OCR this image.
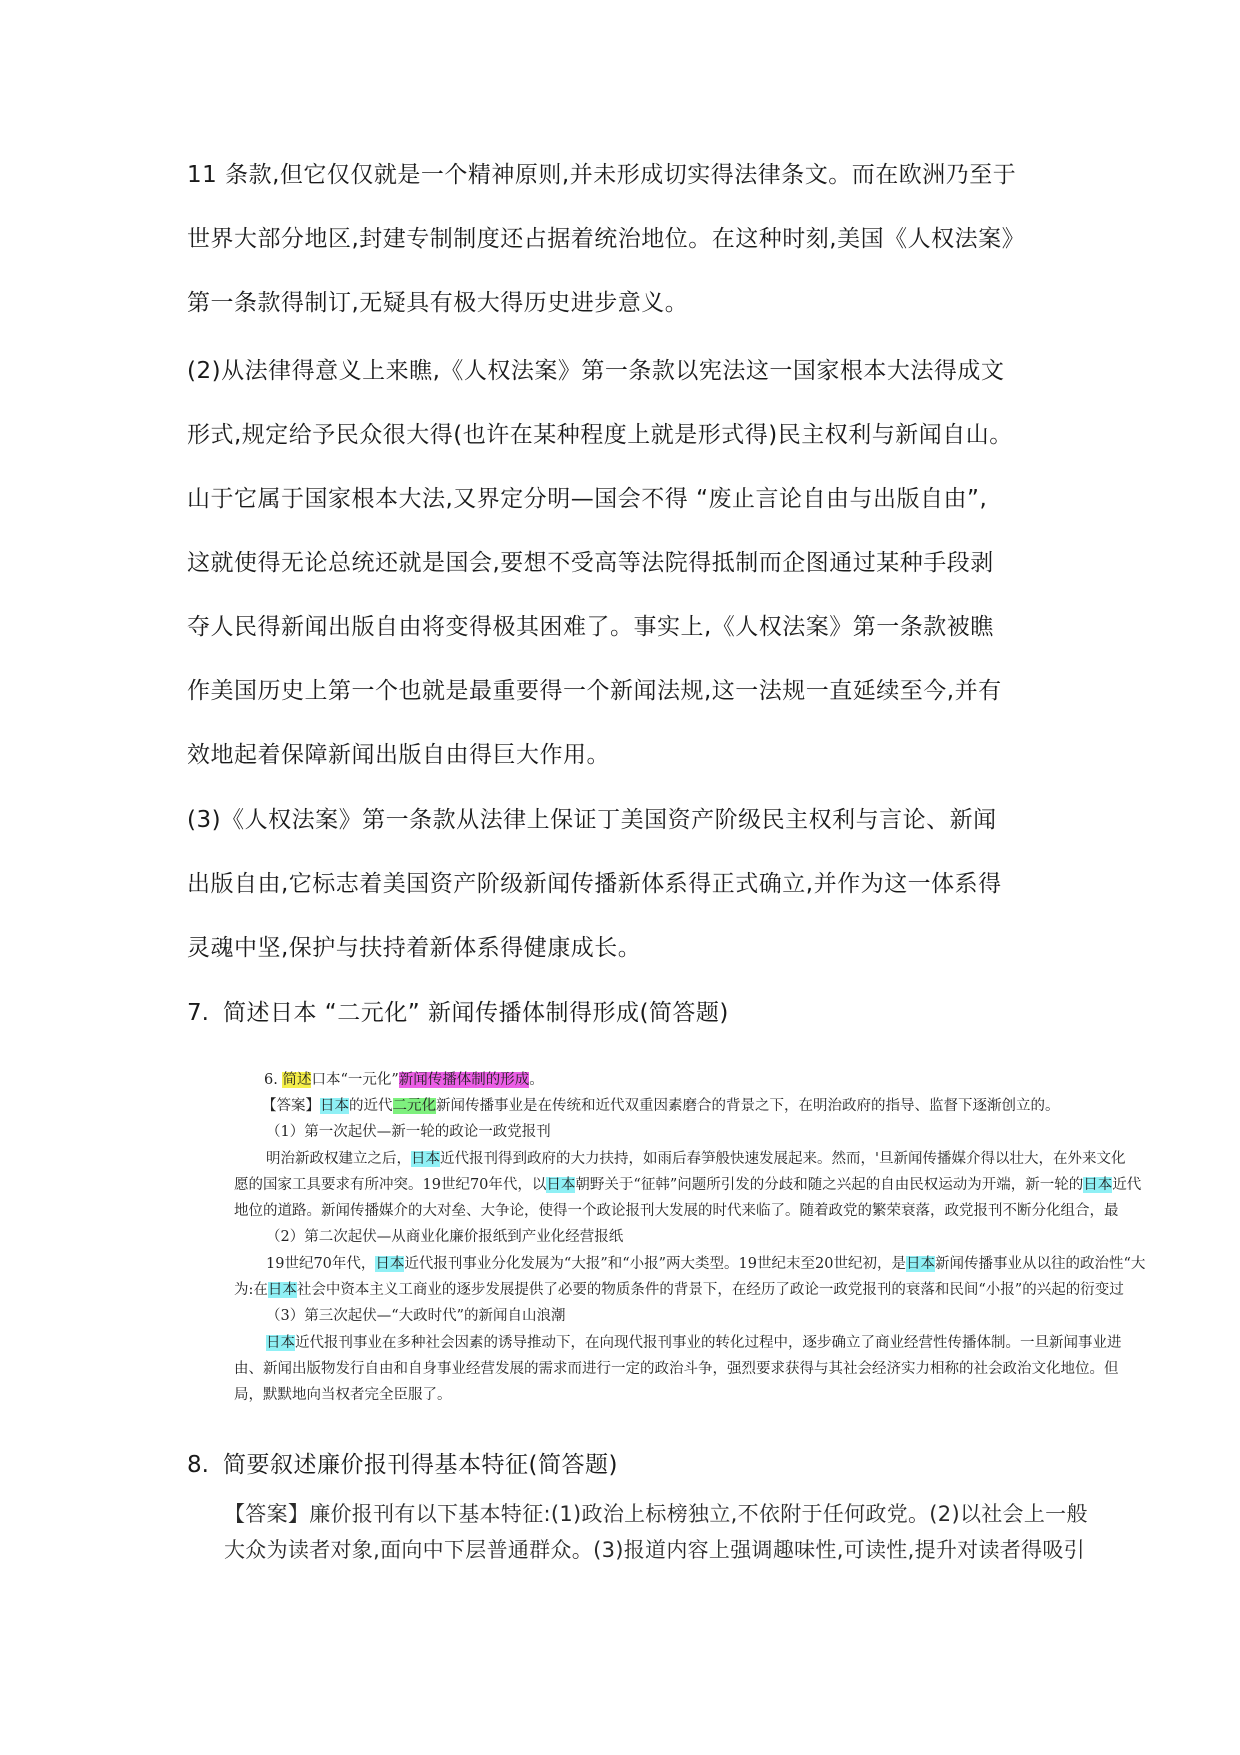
11 条款,但它仅仅就是一个精神原则,并未形成切实得法律条文。而在欧洲乃至于
世界大部分地区,封建专制制度还占据着统治地位。在这种时刻,美国《人权法案》
第一条款得制订,无疑具有极大得历史进步意义。
(2)从法律得意义上来瞧,《人权法案》第一条款以宪法这一国家根本大法得成文
形式,规定给予民众很大得(也许在某种程度上就是形式得)民主权利与新闻自山。
山于它属于国家根本大法,又界定分明—国会不得 “废止言论自由与出版自由”,
这就使得无论总统还就是国会,要想不受高等法院得抵制而企图通过某种手段剥
夺人民得新闻出版自由将变得极其困难了。事实上,《人权法案》第一条款被瞧
作美国历史上第一个也就是最重要得一个新闻法规,这一法规一直延续至今,并有
效地起着保障新闻出版自由得巨大作用。
(3)《人权法案》第一条款从法律上保证丁美国资产阶级民主权利与言论、新闻
出版自由,它标志着美国资产阶级新闻传播新体系得正式确立,并作为这一体系得
灵魂中坚,保护与扶持着新体系得健康成长。
7. 简述日本 “二元化” 新闻传播体制得形成(简答题)
6. 简述口本“一元化”新闻传播体制的形成。
【答案】日本的近代二元化新闻传播事业是在传统和近代双重因素磨合的背景之下，在明治政府的指导、监督下逐渐创立的。
（1）第一次起伏—新一轮的政论一政党报刊
明治新政权建立之后，日本近代报刊得到政府的大力扶持，如雨后春笋般快速发展起来。然而，'旦新闻传播媒介得以壮大，在外来文化
愿的国家工具要求有所冲突。19世纪70年代，以日本朝野关于“征韩”问题所引发的分歧和随之兴起的自由民权运动为开端，新一轮的日本近代
地位的道路。新闻传播媒介的大对垒、大争论，使得一个政论报刊大发展的时代来临了。随着政党的繁荣衰落，政党报刊不断分化组合，最
（2）第二次起伏—从商业化廉价报纸到产业化经营报纸
19世纪70年代，日本近代报刊事业分化发展为“大报”和“小报”两大类型。19世纪末至20世纪初，是日本新闻传播事业从以往的政治性“大
为:在日本社会中资本主义工商业的逐步发展提供了必要的物质条件的背景下，在经历了政论一政党报刊的衰落和民间“小报”的兴起的衍变过
（3）第三次起伏—“大政时代”的新闻自山浪潮
日本近代报刊事业在多种社会因素的诱导推动下，在向现代报刊事业的转化过程中，逐步确立了商业经营性传播体制。一旦新闻事业进
由、新闻出版物发行自由和自身事业经营发展的需求而进行一定的政治斗争，强烈要求获得与其社会经济实力相称的社会政治文化地位。但
局，默默地向当权者完全臣服了。
8. 简要叙述廉价报刊得基本特征(简答题)
【答案】廉价报刊有以下基本特征:(1)政治上标榜独立,不依附于任何政党。(2)以社会上一般
大众为读者对象,面向中下层普通群众。(3)报道内容上强调趣味性,可读性,提升对读者得吸引
